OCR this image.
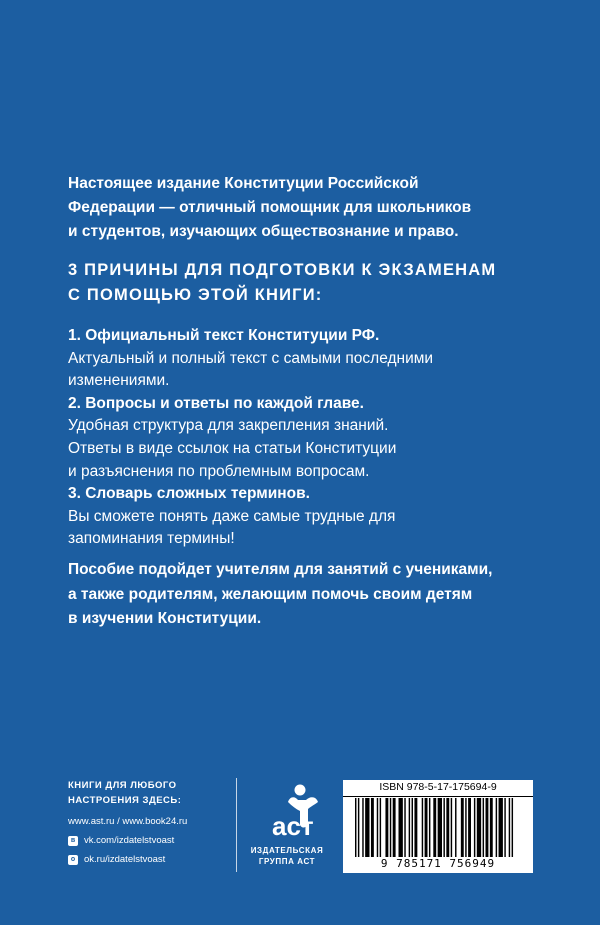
Настоящее издание Конституции Российской
Федерации — отличный помощник для школьников
и студентов, изучающих обществознание и право.
3 ПРИЧИНЫ ДЛЯ ПОДГОТОВКИ К ЭКЗАМЕНАМ
С ПОМОЩЬЮ ЭТОЙ КНИГИ:
1. Официальный текст Конституции РФ.
Актуальный и полный текст с самыми последними
изменениями.
2. Вопросы и ответы по каждой главе.
Удобная структура для закрепления знаний.
Ответы в виде ссылок на статьи Конституции
и разъяснения по проблемным вопросам.
3. Словарь сложных терминов.
Вы сможете понять даже самые трудные для
запоминания термины!
Пособие подойдет учителям для занятий с учениками,
а также родителям, желающим помочь своим детям
в изучении Конституции.
КНИГИ ДЛЯ ЛЮБОГО
НАСТРОЕНИЯ ЗДЕСЬ:
www.ast.ru / www.book24.ru
в vk.com/izdatelstvoast
о ok.ru/izdatelstvoast
аст
ИЗДАТЕЛЬСКАЯ
ГРУППА АСТ
ISBN 978-5-17-175694-9
9 785171 756949
